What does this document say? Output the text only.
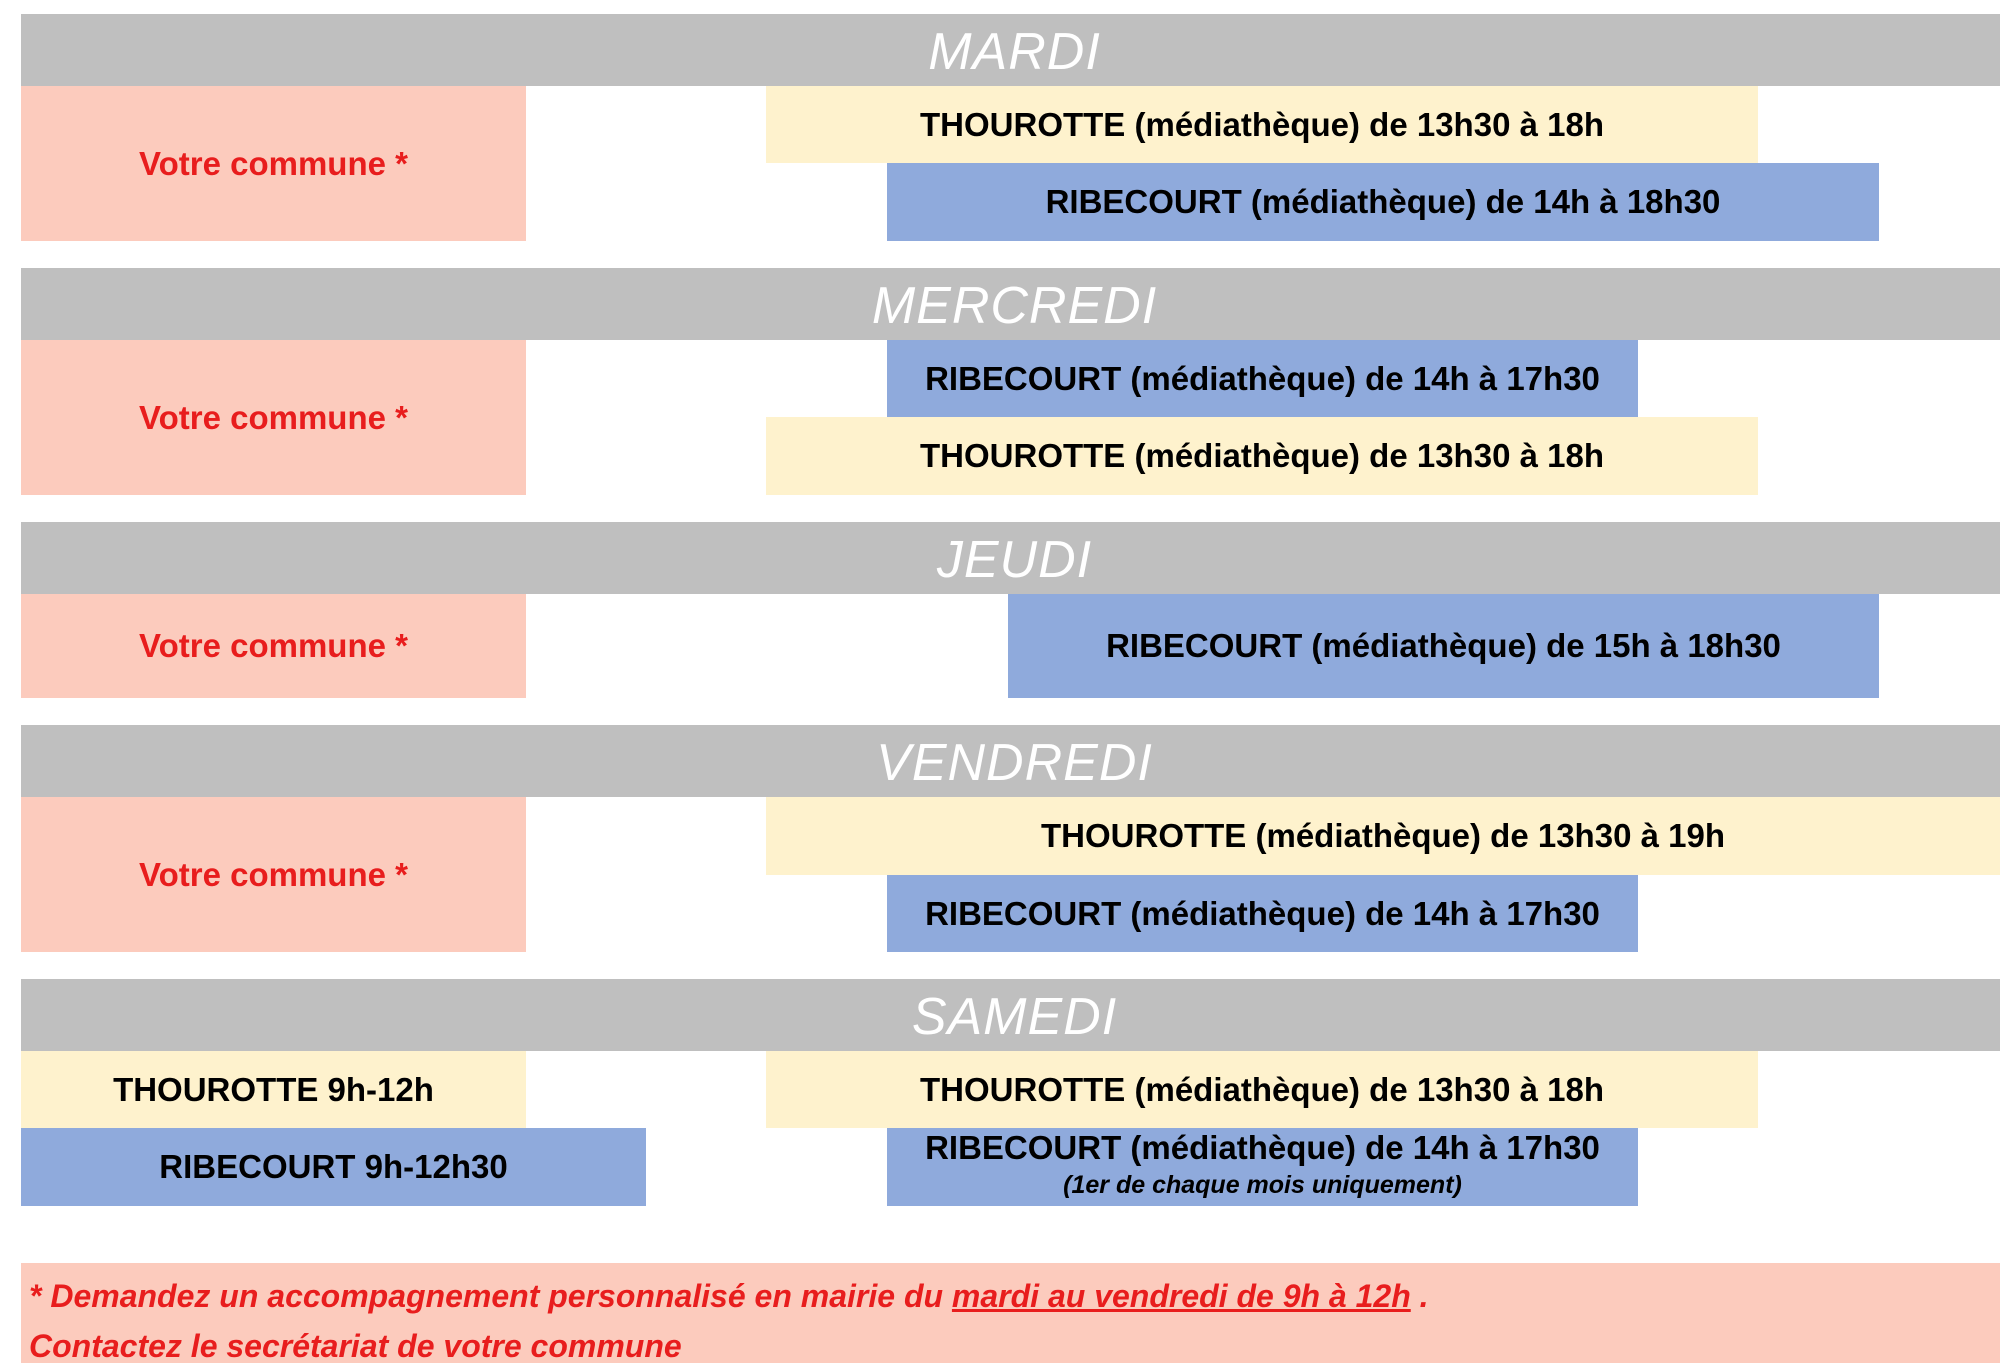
MARDI
Votre commune *
THOUROTTE (médiathèque) de 13h30 à 18h
RIBECOURT (médiathèque) de 14h à 18h30
MERCREDI
Votre commune *
RIBECOURT (médiathèque) de 14h à 17h30
THOUROTTE (médiathèque) de 13h30 à 18h
JEUDI
Votre commune *	RIBECOURT (médiathèque) de 15h à 18h30
VENDREDI
Votre commune *
THOUROTTE (médiathèque) de 13h30 à 19h
RIBECOURT (médiathèque) de 14h à 17h30
SAMEDI
THOUROTTE 9h-12h
RIBECOURT 9h-12h30
THOUROTTE (médiathèque) de 13h30 à 18h
RIBECOURT (médiathèque) de 14h à 17h30
(1er de chaque mois uniquement)
* Demandez un accompagnement personnalisé en mairie du mardi au vendredi de 9h à 12h .
Contactez le secrétariat de votre commune
